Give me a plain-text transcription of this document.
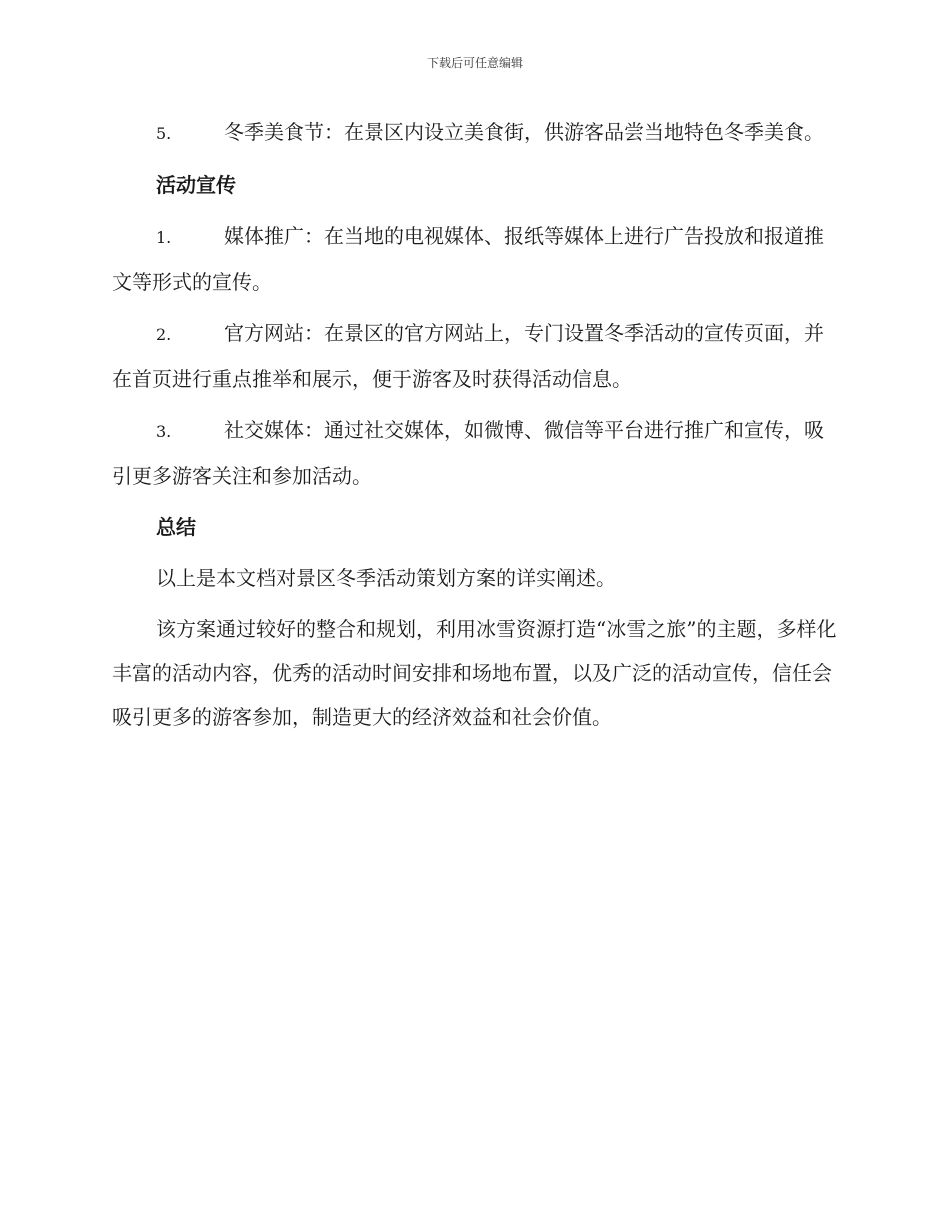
下载后可任意编辑

5.	冬季美食节：在景区内设立美食街，供游客品尝当地特色冬季美食。

活动宣传

1.	媒体推广：在当地的电视媒体、报纸等媒体上进行广告投放和报道推文等形式的宣传。

2.	官方网站：在景区的官方网站上，专门设置冬季活动的宣传页面，并在首页进行重点推举和展示，便于游客及时获得活动信息。

3.	社交媒体：通过社交媒体，如微博、微信等平台进行推广和宣传，吸引更多游客关注和参加活动。

总结

以上是本文档对景区冬季活动策划方案的详实阐述。

该方案通过较好的整合和规划，利用冰雪资源打造“冰雪之旅”的主题，多样化丰富的活动内容，优秀的活动时间安排和场地布置，以及广泛的活动宣传，信任会吸引更多的游客参加，制造更大的经济效益和社会价值。
